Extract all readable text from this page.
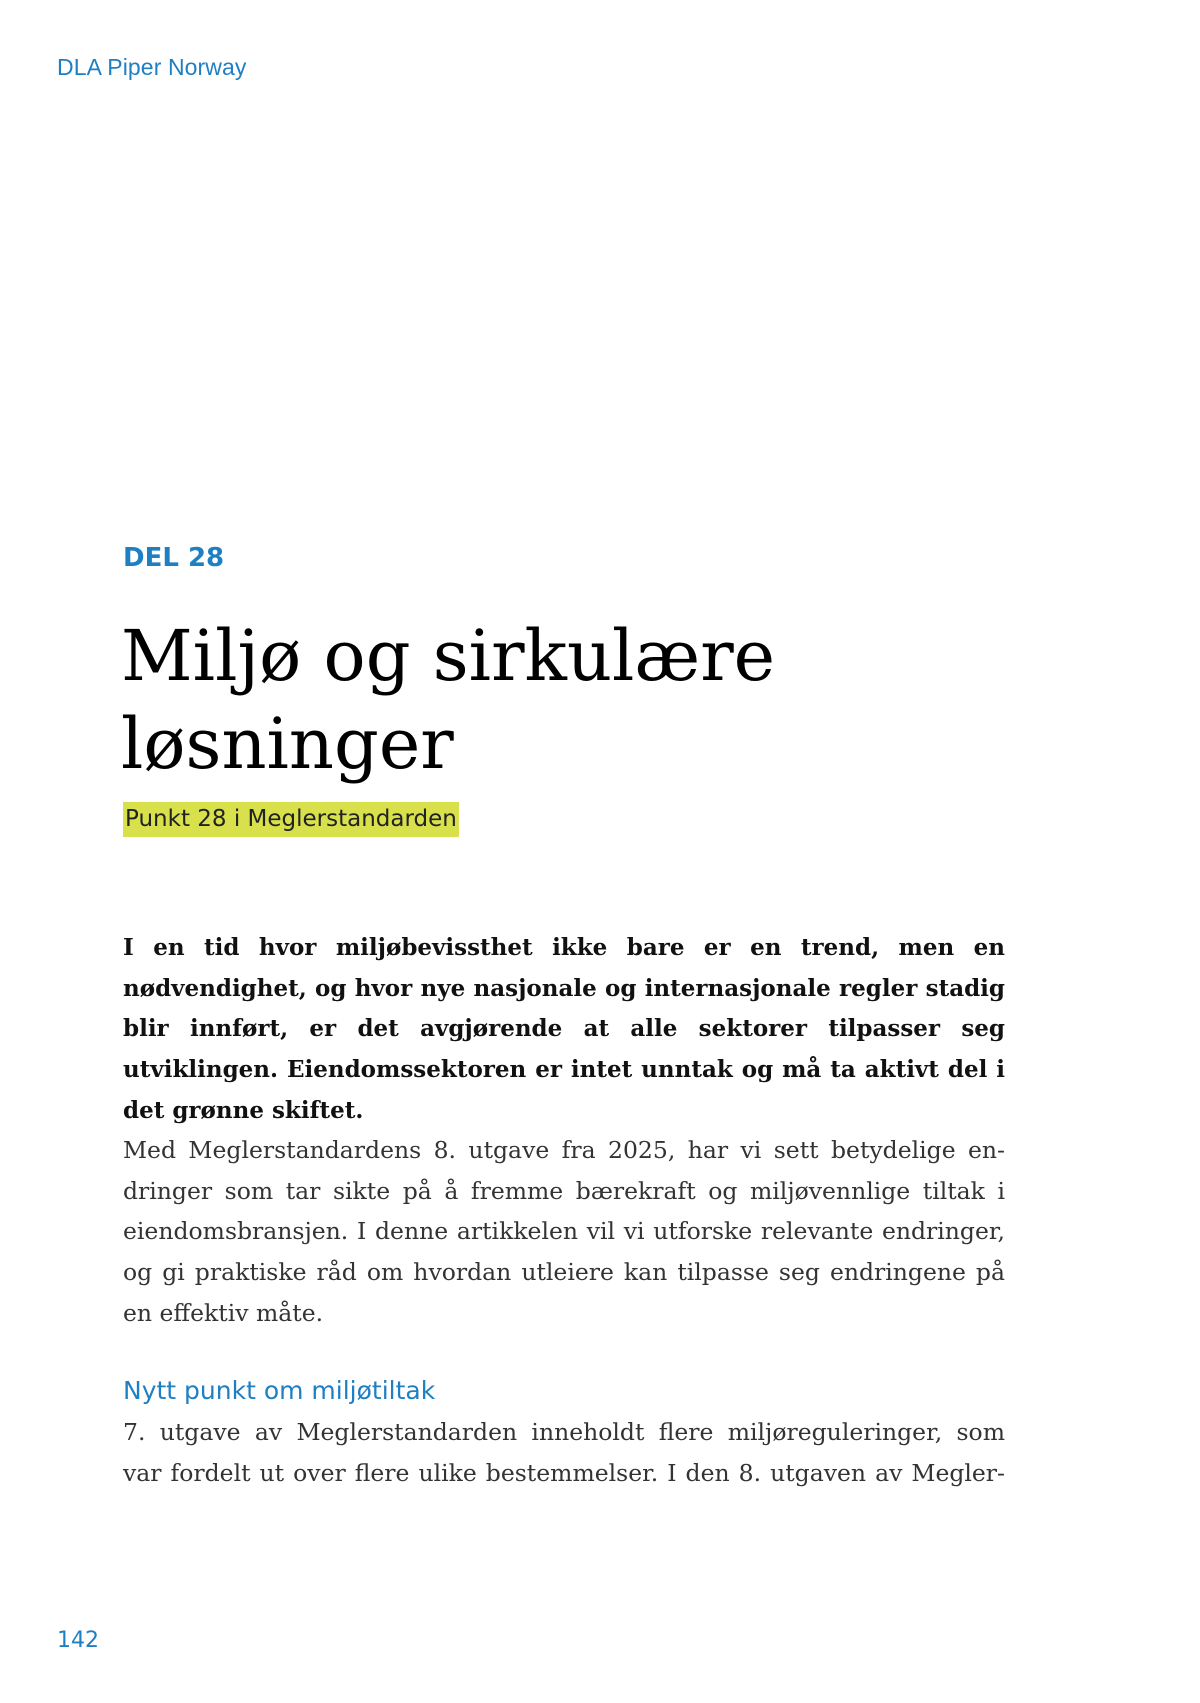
DLA Piper Norway
DEL 28
Miljø og sirkulære
løsninger
Punkt 28 i Meglerstandarden

I en tid hvor miljøbevissthet ikke bare er en trend, men en nødvendighet, og hvor nye nasjonale og internasjonale regler stadig blir innført, er det avgjørende at alle sektorer tilpasser seg utviklingen. Eiendomssektoren er intet unntak og må ta aktivt del i det grønne skiftet.

Med Meglerstandardens 8. utgave fra 2025, har vi sett betydelige en-
dringer som tar sikte på å fremme bærekraft og miljøvennlige tiltak i
eiendomsbransjen. I denne artikkelen vil vi utforske relevante endringer,
og gi praktiske råd om hvordan utleiere kan tilpasse seg endringene på
en effektiv måte.
Nytt punkt om miljøtiltak
7. utgave av Meglerstandarden inneholdt flere miljøreguleringer, som
var fordelt ut over flere ulike bestemmelser. I den 8. utgaven av Megler-
142
